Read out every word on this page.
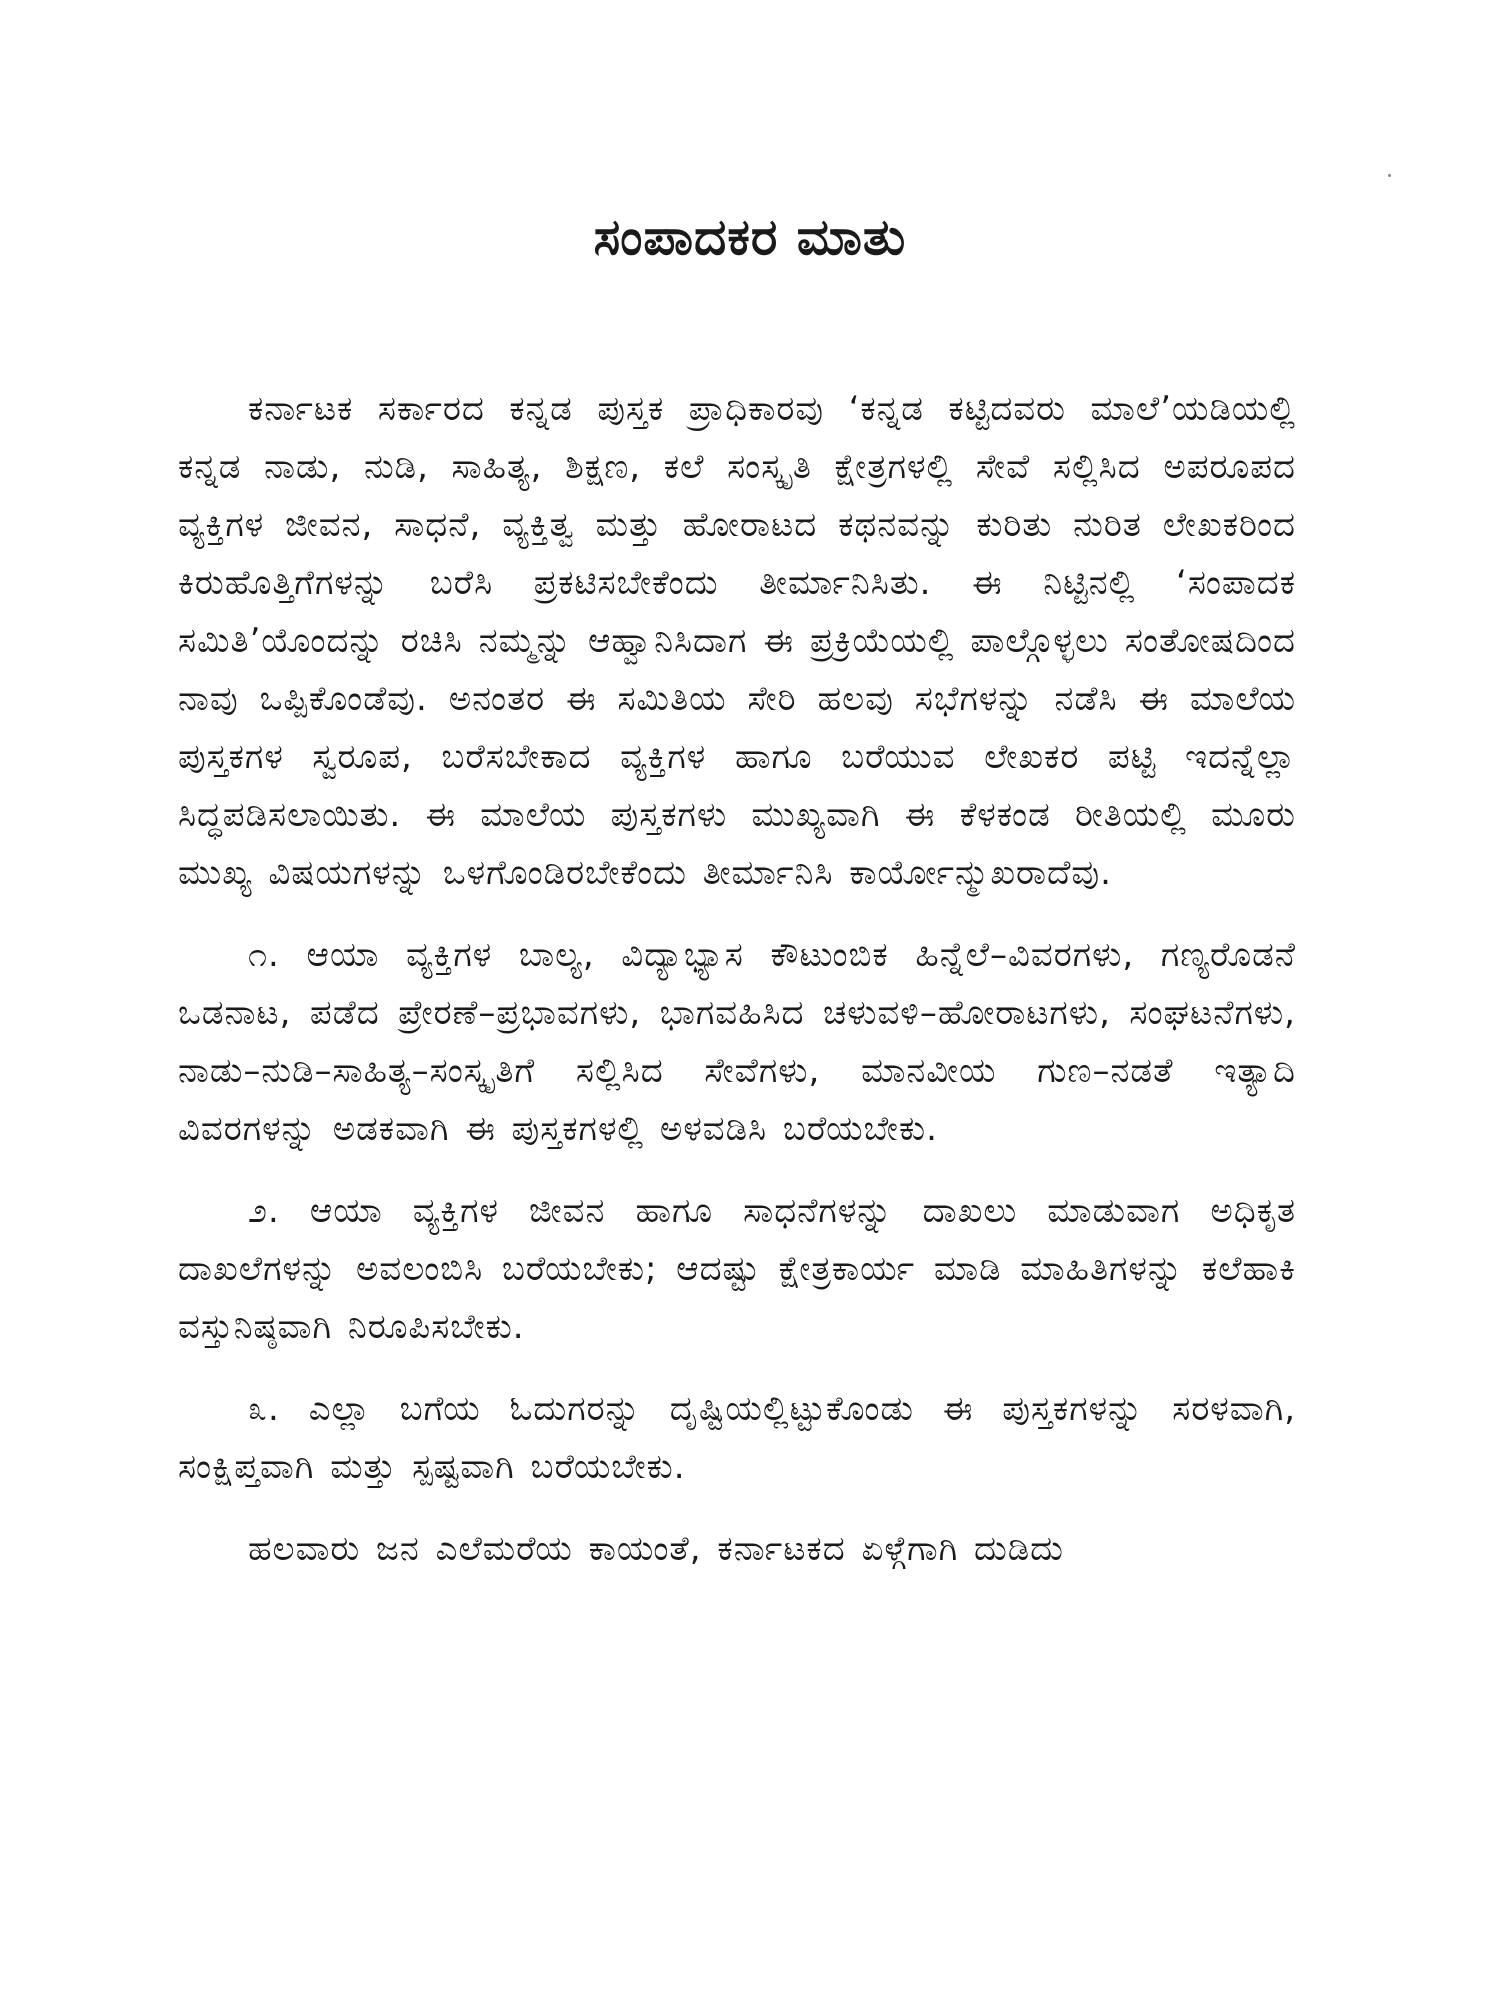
ಸಂಪಾದಕರ ಮಾತು

ಕರ್ನಾಟಕ ಸರ್ಕಾರದ ಕನ್ನಡ ಪುಸ್ತಕ ಪ್ರಾಧಿಕಾರವು ‘ಕನ್ನಡ ಕಟ್ಟಿದವರು ಮಾಲೆ’ಯಡಿಯಲ್ಲಿ ಕನ್ನಡ ನಾಡು, ನುಡಿ, ಸಾಹಿತ್ಯ, ಶಿಕ್ಷಣ, ಕಲೆ ಸಂಸ್ಕೃತಿ ಕ್ಷೇತ್ರಗಳಲ್ಲಿ ಸೇವೆ ಸಲ್ಲಿಸಿದ ಅಪರೂಪದ ವ್ಯಕ್ತಿಗಳ ಜೀವನ, ಸಾಧನೆ, ವ್ಯಕ್ತಿತ್ವ ಮತ್ತು ಹೋರಾಟದ ಕಥನವನ್ನು ಕುರಿತು ನುರಿತ ಲೇಖಕರಿಂದ ಕಿರುಹೊತ್ತಿಗೆಗಳನ್ನು ಬರೆಸಿ ಪ್ರಕಟಿಸಬೇಕೆಂದು ತೀರ್ಮಾನಿಸಿತು. ಈ ನಿಟ್ಟಿನಲ್ಲಿ ‘ಸಂಪಾದಕ ಸಮಿತಿ’ಯೊಂದನ್ನು ರಚಿಸಿ ನಮ್ಮನ್ನು ಆಹ್ವಾನಿಸಿದಾಗ ಈ ಪ್ರಕ್ರಿಯೆಯಲ್ಲಿ ಪಾಲ್ಗೊಳ್ಳಲು ಸಂತೋಷದಿಂದ ನಾವು ಒಪ್ಪಿಕೊಂಡೆವು. ಅನಂತರ ಈ ಸಮಿತಿಯ ಸೇರಿ ಹಲವು ಸಭೆಗಳನ್ನು ನಡೆಸಿ ಈ ಮಾಲೆಯ ಪುಸ್ತಕಗಳ ಸ್ವರೂಪ, ಬರೆಸಬೇಕಾದ ವ್ಯಕ್ತಿಗಳ ಹಾಗೂ ಬರೆಯುವ ಲೇಖಕರ ಪಟ್ಟಿ ಇದನ್ನೆಲ್ಲಾ ಸಿದ್ಧಪಡಿಸಲಾಯಿತು. ಈ ಮಾಲೆಯ ಪುಸ್ತಕಗಳು ಮುಖ್ಯವಾಗಿ ಈ ಕೆಳಕಂಡ ರೀತಿಯಲ್ಲಿ ಮೂರು ಮುಖ್ಯ ವಿಷಯಗಳನ್ನು ಒಳಗೊಂಡಿರಬೇಕೆಂದು ತೀರ್ಮಾನಿಸಿ ಕಾರ್ಯೋನ್ಮುಖರಾದೆವು.

೧. ಆಯಾ ವ್ಯಕ್ತಿಗಳ ಬಾಲ್ಯ, ವಿದ್ಯಾಭ್ಯಾಸ ಕೌಟುಂಬಿಕ ಹಿನ್ನೆಲೆ–ವಿವರಗಳು, ಗಣ್ಯರೊಡನೆ ಒಡನಾಟ, ಪಡೆದ ಪ್ರೇರಣೆ–ಪ್ರಭಾವಗಳು, ಭಾಗವಹಿಸಿದ ಚಳುವಳಿ–ಹೋರಾಟಗಳು, ಸಂಘಟನೆಗಳು, ನಾಡು–ನುಡಿ–ಸಾಹಿತ್ಯ–ಸಂಸ್ಕೃತಿಗೆ ಸಲ್ಲಿಸಿದ ಸೇವೆಗಳು, ಮಾನವೀಯ ಗುಣ–ನಡತೆ ಇತ್ಯಾದಿ ವಿವರಗಳನ್ನು ಅಡಕವಾಗಿ ಈ ಪುಸ್ತಕಗಳಲ್ಲಿ ಅಳವಡಿಸಿ ಬರೆಯಬೇಕು.

೨. ಆಯಾ ವ್ಯಕ್ತಿಗಳ ಜೀವನ ಹಾಗೂ ಸಾಧನೆಗಳನ್ನು ದಾಖಲು ಮಾಡುವಾಗ ಅಧಿಕೃತ ದಾಖಲೆಗಳನ್ನು ಅವಲಂಬಿಸಿ ಬರೆಯಬೇಕು; ಆದಷ್ಟು ಕ್ಷೇತ್ರಕಾರ್ಯ ಮಾಡಿ ಮಾಹಿತಿಗಳನ್ನು ಕಲೆಹಾಕಿ ವಸ್ತುನಿಷ್ಠವಾಗಿ ನಿರೂಪಿಸಬೇಕು.

೩. ಎಲ್ಲಾ ಬಗೆಯ ಓದುಗರನ್ನು ದೃಷ್ಟಿಯಲ್ಲಿಟ್ಟುಕೊಂಡು ಈ ಪುಸ್ತಕಗಳನ್ನು ಸರಳವಾಗಿ, ಸಂಕ್ಷಿಪ್ತವಾಗಿ ಮತ್ತು ಸ್ಪಷ್ಟವಾಗಿ ಬರೆಯಬೇಕು.

ಹಲವಾರು ಜನ ಎಲೆಮರೆಯ ಕಾಯಂತೆ, ಕರ್ನಾಟಕದ ಏಳ್ಗೆಗಾಗಿ ದುಡಿದು
